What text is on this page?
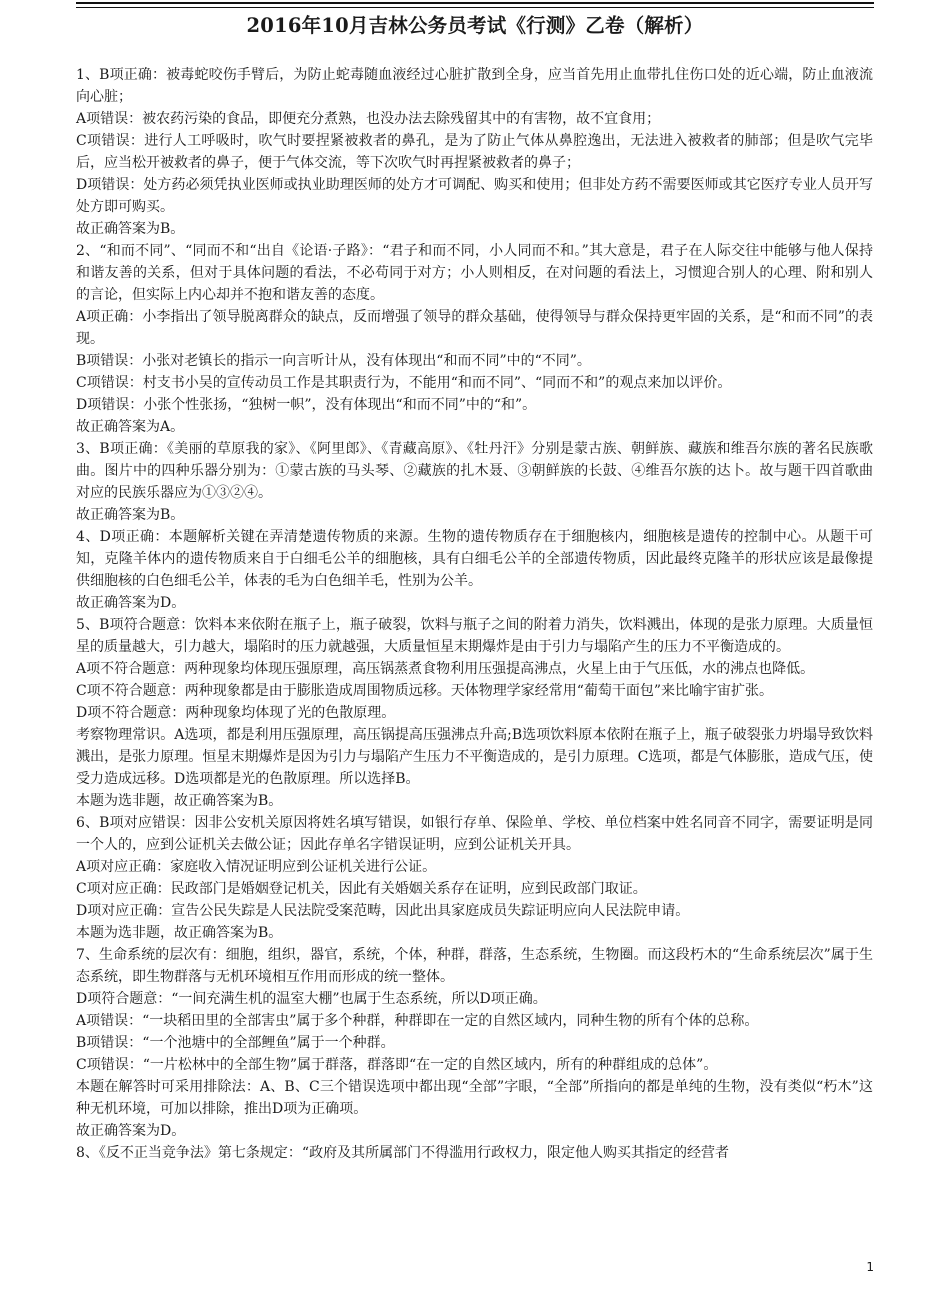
2016年10月吉林公务员考试《行测》乙卷（解析）

1、B项正确：被毒蛇咬伤手臂后，为防止蛇毒随血液经过心脏扩散到全身，应当首先用止血带扎住伤口处的近心端，防止血液流向心脏；

A项错误：被农药污染的食品，即便充分煮熟，也没办法去除残留其中的有害物，故不宜食用；

C项错误：进行人工呼吸时，吹气时要捏紧被救者的鼻孔，是为了防止气体从鼻腔逸出，无法进入被救者的肺部；但是吹气完毕后，应当松开被救者的鼻子，便于气体交流，等下次吹气时再捏紧被救者的鼻子；

D项错误：处方药必须凭执业医师或执业助理医师的处方才可调配、购买和使用；但非处方药不需要医师或其它医疗专业人员开写处方即可购买。

故正确答案为B。

2、“和而不同”、“同而不和“出自《论语·子路》：“君子和而不同，小人同而不和。”其大意是，君子在人际交往中能够与他人保持和谐友善的关系，但对于具体问题的看法，不必苟同于对方；小人则相反，在对问题的看法上，习惯迎合别人的心理、附和别人的言论，但实际上内心却并不抱和谐友善的态度。

A项正确：小李指出了领导脱离群众的缺点，反而增强了领导的群众基础，使得领导与群众保持更牢固的关系，是“和而不同”的表现。

B项错误：小张对老镇长的指示一向言听计从，没有体现出“和而不同”中的“不同”。

C项错误：村支书小吴的宣传动员工作是其职责行为，不能用“和而不同”、“同而不和”的观点来加以评价。

D项错误：小张个性张扬，“独树一帜”，没有体现出“和而不同”中的“和”。

故正确答案为A。

3、B项正确：《美丽的草原我的家》、《阿里郎》、《青藏高原》、《牡丹汗》分别是蒙古族、朝鲜族、藏族和维吾尔族的著名民族歌曲。图片中的四种乐器分别为：①蒙古族的马头琴、②藏族的扎木聂、③朝鲜族的长鼓、④维吾尔族的达卜。故与题干四首歌曲对应的民族乐器应为①③②④。

故正确答案为B。

4、D项正确：本题解析关键在弄清楚遗传物质的来源。生物的遗传物质存在于细胞核内，细胞核是遗传的控制中心。从题干可知，克隆羊体内的遗传物质来自于白细毛公羊的细胞核，具有白细毛公羊的全部遗传物质，因此最终克隆羊的形状应该是最像提供细胞核的白色细毛公羊，体表的毛为白色细羊毛，性别为公羊。

故正确答案为D。

5、B项符合题意：饮料本来依附在瓶子上，瓶子破裂，饮料与瓶子之间的附着力消失，饮料溅出，体现的是张力原理。大质量恒星的质量越大，引力越大，塌陷时的压力就越强，大质量恒星末期爆炸是由于引力与塌陷产生的压力不平衡造成的。

A项不符合题意：两种现象均体现压强原理，高压锅蒸煮食物利用压强提高沸点，火星上由于气压低，水的沸点也降低。

C项不符合题意：两种现象都是由于膨胀造成周围物质远移。天体物理学家经常用“葡萄干面包”来比喻宇宙扩张。

D项不符合题意：两种现象均体现了光的色散原理。

考察物理常识。A选项，都是利用压强原理，高压锅提高压强沸点升高;B选项饮料原本依附在瓶子上，瓶子破裂张力坍塌导致饮料溅出，是张力原理。恒星末期爆炸是因为引力与塌陷产生压力不平衡造成的，是引力原理。C选项，都是气体膨胀，造成气压，使受力造成远移。D选项都是光的色散原理。所以选择B。

本题为选非题，故正确答案为B。

6、B项对应错误：因非公安机关原因将姓名填写错误，如银行存单、保险单、学校、单位档案中姓名同音不同字，需要证明是同一个人的，应到公证机关去做公证；因此存单名字错误证明，应到公证机关开具。

A项对应正确：家庭收入情况证明应到公证机关进行公证。

C项对应正确：民政部门是婚姻登记机关，因此有关婚姻关系存在证明，应到民政部门取证。

D项对应正确：宣告公民失踪是人民法院受案范畴，因此出具家庭成员失踪证明应向人民法院申请。

本题为选非题，故正确答案为B。

7、生命系统的层次有：细胞，组织，器官，系统，个体，种群，群落，生态系统，生物圈。而这段朽木的“生命系统层次”属于生态系统，即生物群落与无机环境相互作用而形成的统一整体。

D项符合题意：“一间充满生机的温室大棚”也属于生态系统，所以D项正确。

A项错误：“一块稻田里的全部害虫”属于多个种群，种群即在一定的自然区域内，同种生物的所有个体的总称。

B项错误：“一个池塘中的全部鲤鱼”属于一个种群。

C项错误：“一片松林中的全部生物”属于群落，群落即“在一定的自然区域内，所有的种群组成的总体”。

本题在解答时可采用排除法：A、B、C三个错误选项中都出现“全部”字眼，“全部”所指向的都是单纯的生物，没有类似“朽木”这种无机环境，可加以排除，推出D项为正确项。

故正确答案为D。

8、《反不正当竞争法》第七条规定：“政府及其所属部门不得滥用行政权力，限定他人购买其指定的经营者

1
